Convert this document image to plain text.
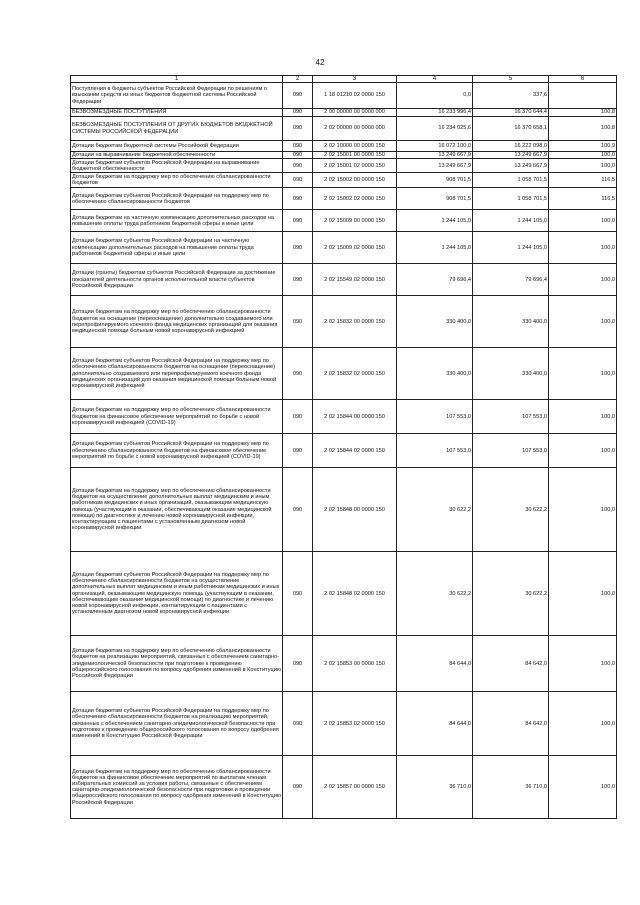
42
1	2	3	4	5	6
Поступления в бюджеты субъектов Российской Федерации по решениям о взыскании средств из иных бюджетов бюджетной системы Российской Федерации	090	1 18 01210 02 0000 150	0,0	337,6	
БЕЗВОЗМЕЗДНЫЕ ПОСТУПЛЕНИЯ	090	2 00 00000 00 0000 000	16 233 996,4	16 370 644,4	100,8
БЕЗВОЗМЕЗДНЫЕ ПОСТУПЛЕНИЯ ОТ ДРУГИХ БЮДЖЕТОВ БЮДЖЕТНОЙ СИСТЕМЫ РОССИЙСКОЙ ФЕДЕРАЦИИ	090	2 02 00000 00 0000 000	16 234 025,6	16 370 658,1	100,8
Дотации бюджетам бюджетной системы Российской Федерации	090	2 02 10000 00 0000 150	16 072 100,0	16 222 098,0	100,9
Дотации на выравнивание бюджетной обеспеченности	090	2 02 15001 00 0000 150	13 249 667,9	13 249 667,9	100,0
Дотации бюджетам субъектов Российской Федерации на выравнивание бюджетной обеспеченности	090	2 02 15001 02 0000 150	13 249 667,9	13 249 667,9	100,0
Дотации бюджетам на поддержку мер по обеспечению сбалансированности бюджетов	090	2 02 15002 00 0000 150	908 701,5	1 058 701,5	116,5
Дотации бюджетам субъектов Российской Федерации на поддержку мер по обеспечению сбалансированности бюджетов	090	2 02 15002 02 0000 150	908 701,5	1 058 701,5	116,5
Дотации бюджетам на частичную компенсацию дополнительных расходов на повышение оплаты труда работников бюджетной сферы и иные цели	090	2 02 15009 00 0000 150	1 244 105,0	1 244 105,0	100,0
Дотации бюджетам субъектов Российской Федерации на частичную компенсацию дополнительных расходов на повышение оплаты труда работников бюджетной сферы и иные цели	090	2 02 15009 02 0000 150	1 244 105,0	1 244 105,0	100,0
Дотации (гранты) бюджетам субъектов Российской Федерации за достижение показателей деятельности органов исполнительной власти субъектов Российской Федерации	090	2 02 15549 02 0000 150	79 696,4	79 696,4	100,0
Дотации бюджетам на поддержку мер по обеспечению сбалансированности бюджетов на оснащение (переоснащение) дополнительно создаваемого или перепрофилируемого коечного фонда медицинских организаций для оказания медицинской помощи больным новой коронавирусной инфекцией	090	2 02 15832 00 0000 150	330 400,0	330 400,0	100,0
Дотации бюджетам субъектов Российской Федерации на поддержку мер по обеспечению сбалансированности бюджетов на оснащение (переоснащение) дополнительно создаваемого или перепрофилируемого коечного фонда медицинских организаций для оказания медицинской помощи больным новой коронавирусной инфекцией	090	2 02 15832 02 0000 150	330 400,0	330 400,0	100,0
Дотации бюджетам на поддержку мер по обеспечению сбалансированности бюджетов на финансовое обеспечение мероприятий по борьбе с новой коронавирусной инфекцией (COVID-19)	090	2 02 15844 00 0000 150	107 553,0	107 553,0	100,0
Дотации бюджетам субъектов Российской Федерации на поддержку мер по обеспечению сбалансированности бюджетов на финансовое обеспечение мероприятий по борьбе с новой коронавирусной инфекцией (COVID-19)	090	2 02 15844 02 0000 150	107 553,0	107 553,0	100,0
Дотации бюджетам на поддержку мер по обеспечению сбалансированности бюджетов на осуществление дополнительных выплат медицинским и иным работникам медицинских и иных организаций, оказывающим медицинскую помощь (участвующим в оказании, обеспечивающим оказание медицинской помощи) по диагностике и лечению новой коронавирусной инфекции, контактирующим с пациентами с установленным диагнозом новой коронавирусной инфекции	090	2 02 15848 00 0000 150	30 622,2	30 622,2	100,0
Дотации бюджетам субъектов Российской Федерации на поддержку мер по обеспечению сбалансированности бюджетов на осуществление дополнительных выплат медицинским и иным работникам медицинских и иных организаций, оказывающим медицинскую помощь (участвующим в оказании, обеспечивающим оказание медицинской помощи) по диагностике и лечению новой коронавирусной инфекции, контактирующим с пациентами с установленным диагнозом новой коронавирусной инфекции	090	2 02 15848 02 0000 150	30 622,2	30 622,2	100,0
Дотации бюджетам на поддержку мер по обеспечению сбалансированности бюджетов на реализацию мероприятий, связанных с обеспечением санитарно-эпидемиологической безопасности при подготовке к проведению общероссийского голосования по вопросу одобрения изменений в Конституцию Российской Федерации	090	2 02 15853 00 0000 150	84 644,0	84 642,0	100,0
Дотации бюджетам субъектов Российской Федерации на поддержку мер по обеспечению сбалансированности бюджетов на реализацию мероприятий, связанных с обеспечением санитарно-эпидемиологической безопасности при подготовке к проведению общероссийского голосования по вопросу одобрения изменений в Конституцию Российской Федерации	090	2 02 15853 02 0000 150	84 644,0	84 642,0	100,0
Дотации бюджетам на поддержку мер по обеспечению сбалансированности бюджетов на финансовое обеспечение мероприятий по выплатам членам избирательных комиссий за условия работы, связанные с обеспечением санитарно-эпидемиологической безопасности при подготовке и проведении общероссийского голосования по вопросу одобрения изменений в Конституцию Российской Федерации	090	2 02 15857 00 0000 150	36 710,0	36 710,0	100,0
